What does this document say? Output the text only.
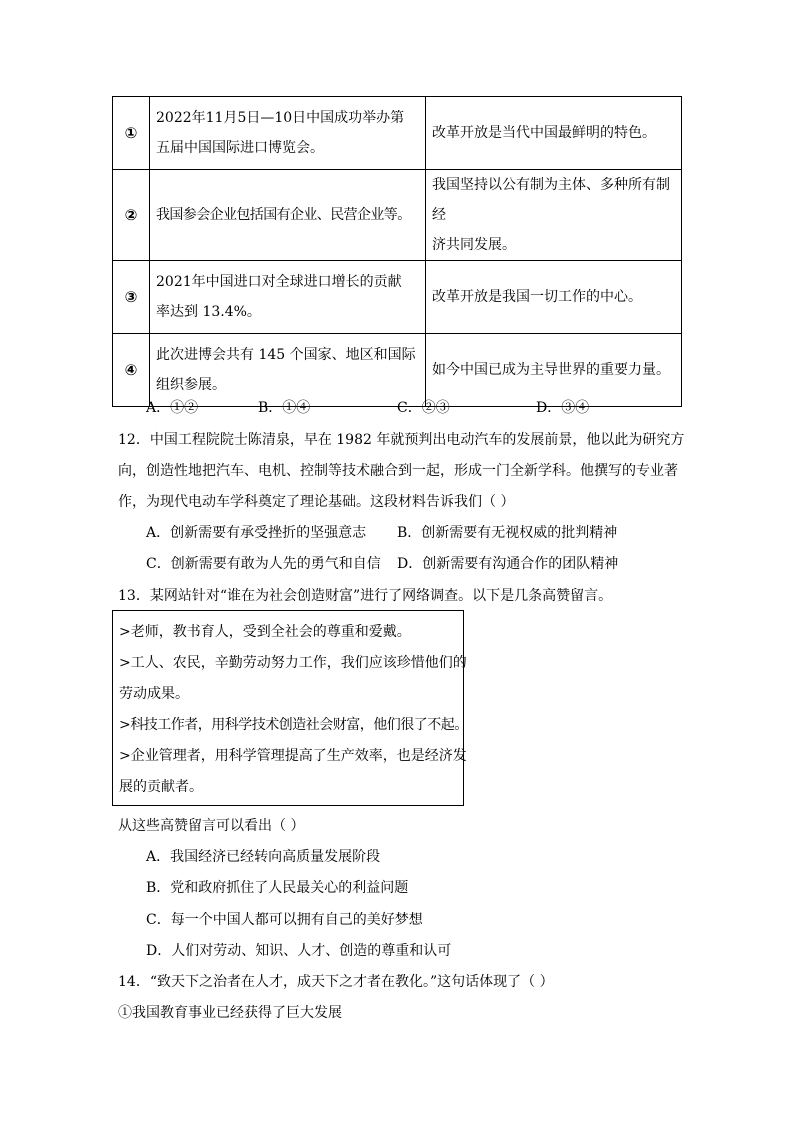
①	2022年11月5日—10日中国成功举办第
五届中国国际进口博览会。	改革开放是当代中国最鲜明的特色。

②	我国参会企业包括国有企业、民营企业等。	我国坚持以公有制为主体、多种所有制经
济共同发展。

③	2021年中国进口对全球进口增长的贡献
率达到 13.4%。	改革开放是我国一切工作的中心。

④	此次进博会共有 145 个国家、地区和国际
组织参展。	如今中国已成为主导世界的重要力量。
A．①②	B．①④	C．②③	D．③④
12．中国工程院院士陈清泉，早在 1982 年就预判出电动汽车的发展前景，他以此为研究方
向，创造性地把汽车、电机、控制等技术融合到一起，形成一门全新学科。他撰写的专业著
作，为现代电动车学科奠定了理论基础。这段材料告诉我们（ ）
A．创新需要有承受挫折的坚强意志 B．创新需要有无视权威的批判精神
C．创新需要有敢为人先的勇气和自信 D．创新需要有沟通合作的团队精神
13．某网站针对“谁在为社会创造财富”进行了网络调查。以下是几条高赞留言。
>老师，教书育人，受到全社会的尊重和爱戴。
>工人、农民，辛勤劳动努力工作，我们应该珍惜他们的
劳动成果。
>科技工作者，用科学技术创造社会财富，他们很了不起。
>企业管理者，用科学管理提高了生产效率，也是经济发
展的贡献者。
从这些高赞留言可以看出（ ）
A．我国经济已经转向高质量发展阶段
B．党和政府抓住了人民最关心的利益问题
C．每一个中国人都可以拥有自己的美好梦想
D．人们对劳动、知识、人才、创造的尊重和认可
14．“致天下之治者在人才，成天下之才者在教化。”这句话体现了（ ）
①我国教育事业已经获得了巨大发展
